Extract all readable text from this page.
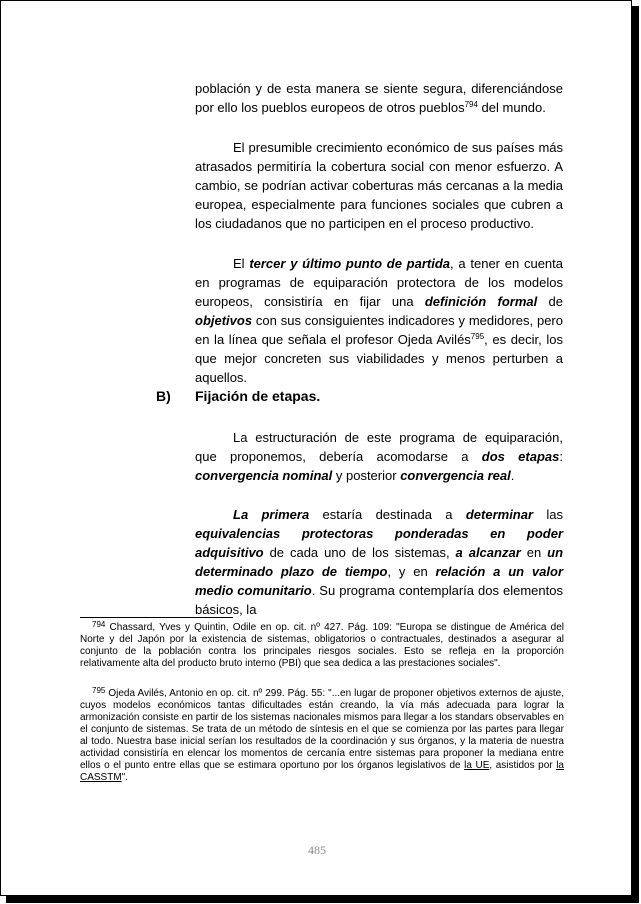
población y de esta manera se siente segura, diferenciándose por ello los pueblos europeos de otros pueblos$^{794}$ del mundo.

El presumible crecimiento económico de sus países más atrasados permitiría la cobertura social con menor esfuerzo. A cambio, se podrían activar coberturas más cercanas a la media europea, especialmente para funciones sociales que cubren a los ciudadanos que no participen en el proceso productivo.

El tercer y último punto de partida, a tener en cuenta en programas de equiparación protectora de los modelos europeos, consistiría en fijar una definición formal de objetivos con sus consiguientes indicadores y medidores, pero en la línea que señala el profesor Ojeda Avilés$^{795}$, es decir, los que mejor concreten sus viabilidades y menos perturben a aquellos.

B) Fijación de etapas.

La estructuración de este programa de equiparación, que proponemos, debería acomodarse a dos etapas: convergencia nominal y posterior convergencia real.

La primera estaría destinada a determinar las equivalencias protectoras ponderadas en poder adquisitivo de cada uno de los sistemas, a alcanzar en un determinado plazo de tiempo, y en relación a un valor medio comunitario. Su programa contemplaría dos elementos básicos, la

$^{794}$ Chassard, Yves y Quintin, Odile en op. cit. nº 427. Pág. 109: "Europa se distingue de América del Norte y del Japón por la existencia de sistemas, obligatorios o contractuales, destinados a asegurar al conjunto de la población contra los principales riesgos sociales. Esto se refleja en la proporción relativamente alta del producto bruto interno (PBI) que sea dedica a las prestaciones sociales".

$^{795}$ Ojeda Avilés, Antonio en op. cit. nº 299. Pág. 55: "...en lugar de proponer objetivos externos de ajuste, cuyos modelos económicos tantas dificultades están creando, la vía más adecuada para lograr la armonización consiste en partir de los sistemas nacionales mismos para llegar a los standars observables en el conjunto de sistemas. Se trata de un método de síntesis en el que se comienza por las partes para llegar al todo. Nuestra base inicial serían los resultados de la coordinación y sus órganos, y la materia de nuestra actividad consistiría en elencar los momentos de cercanía entre sistemas para proponer la mediana entre ellos o el punto entre ellas que se estimara oportuno por los órganos legislativos de la UE, asistidos por la CASSTM".

485
